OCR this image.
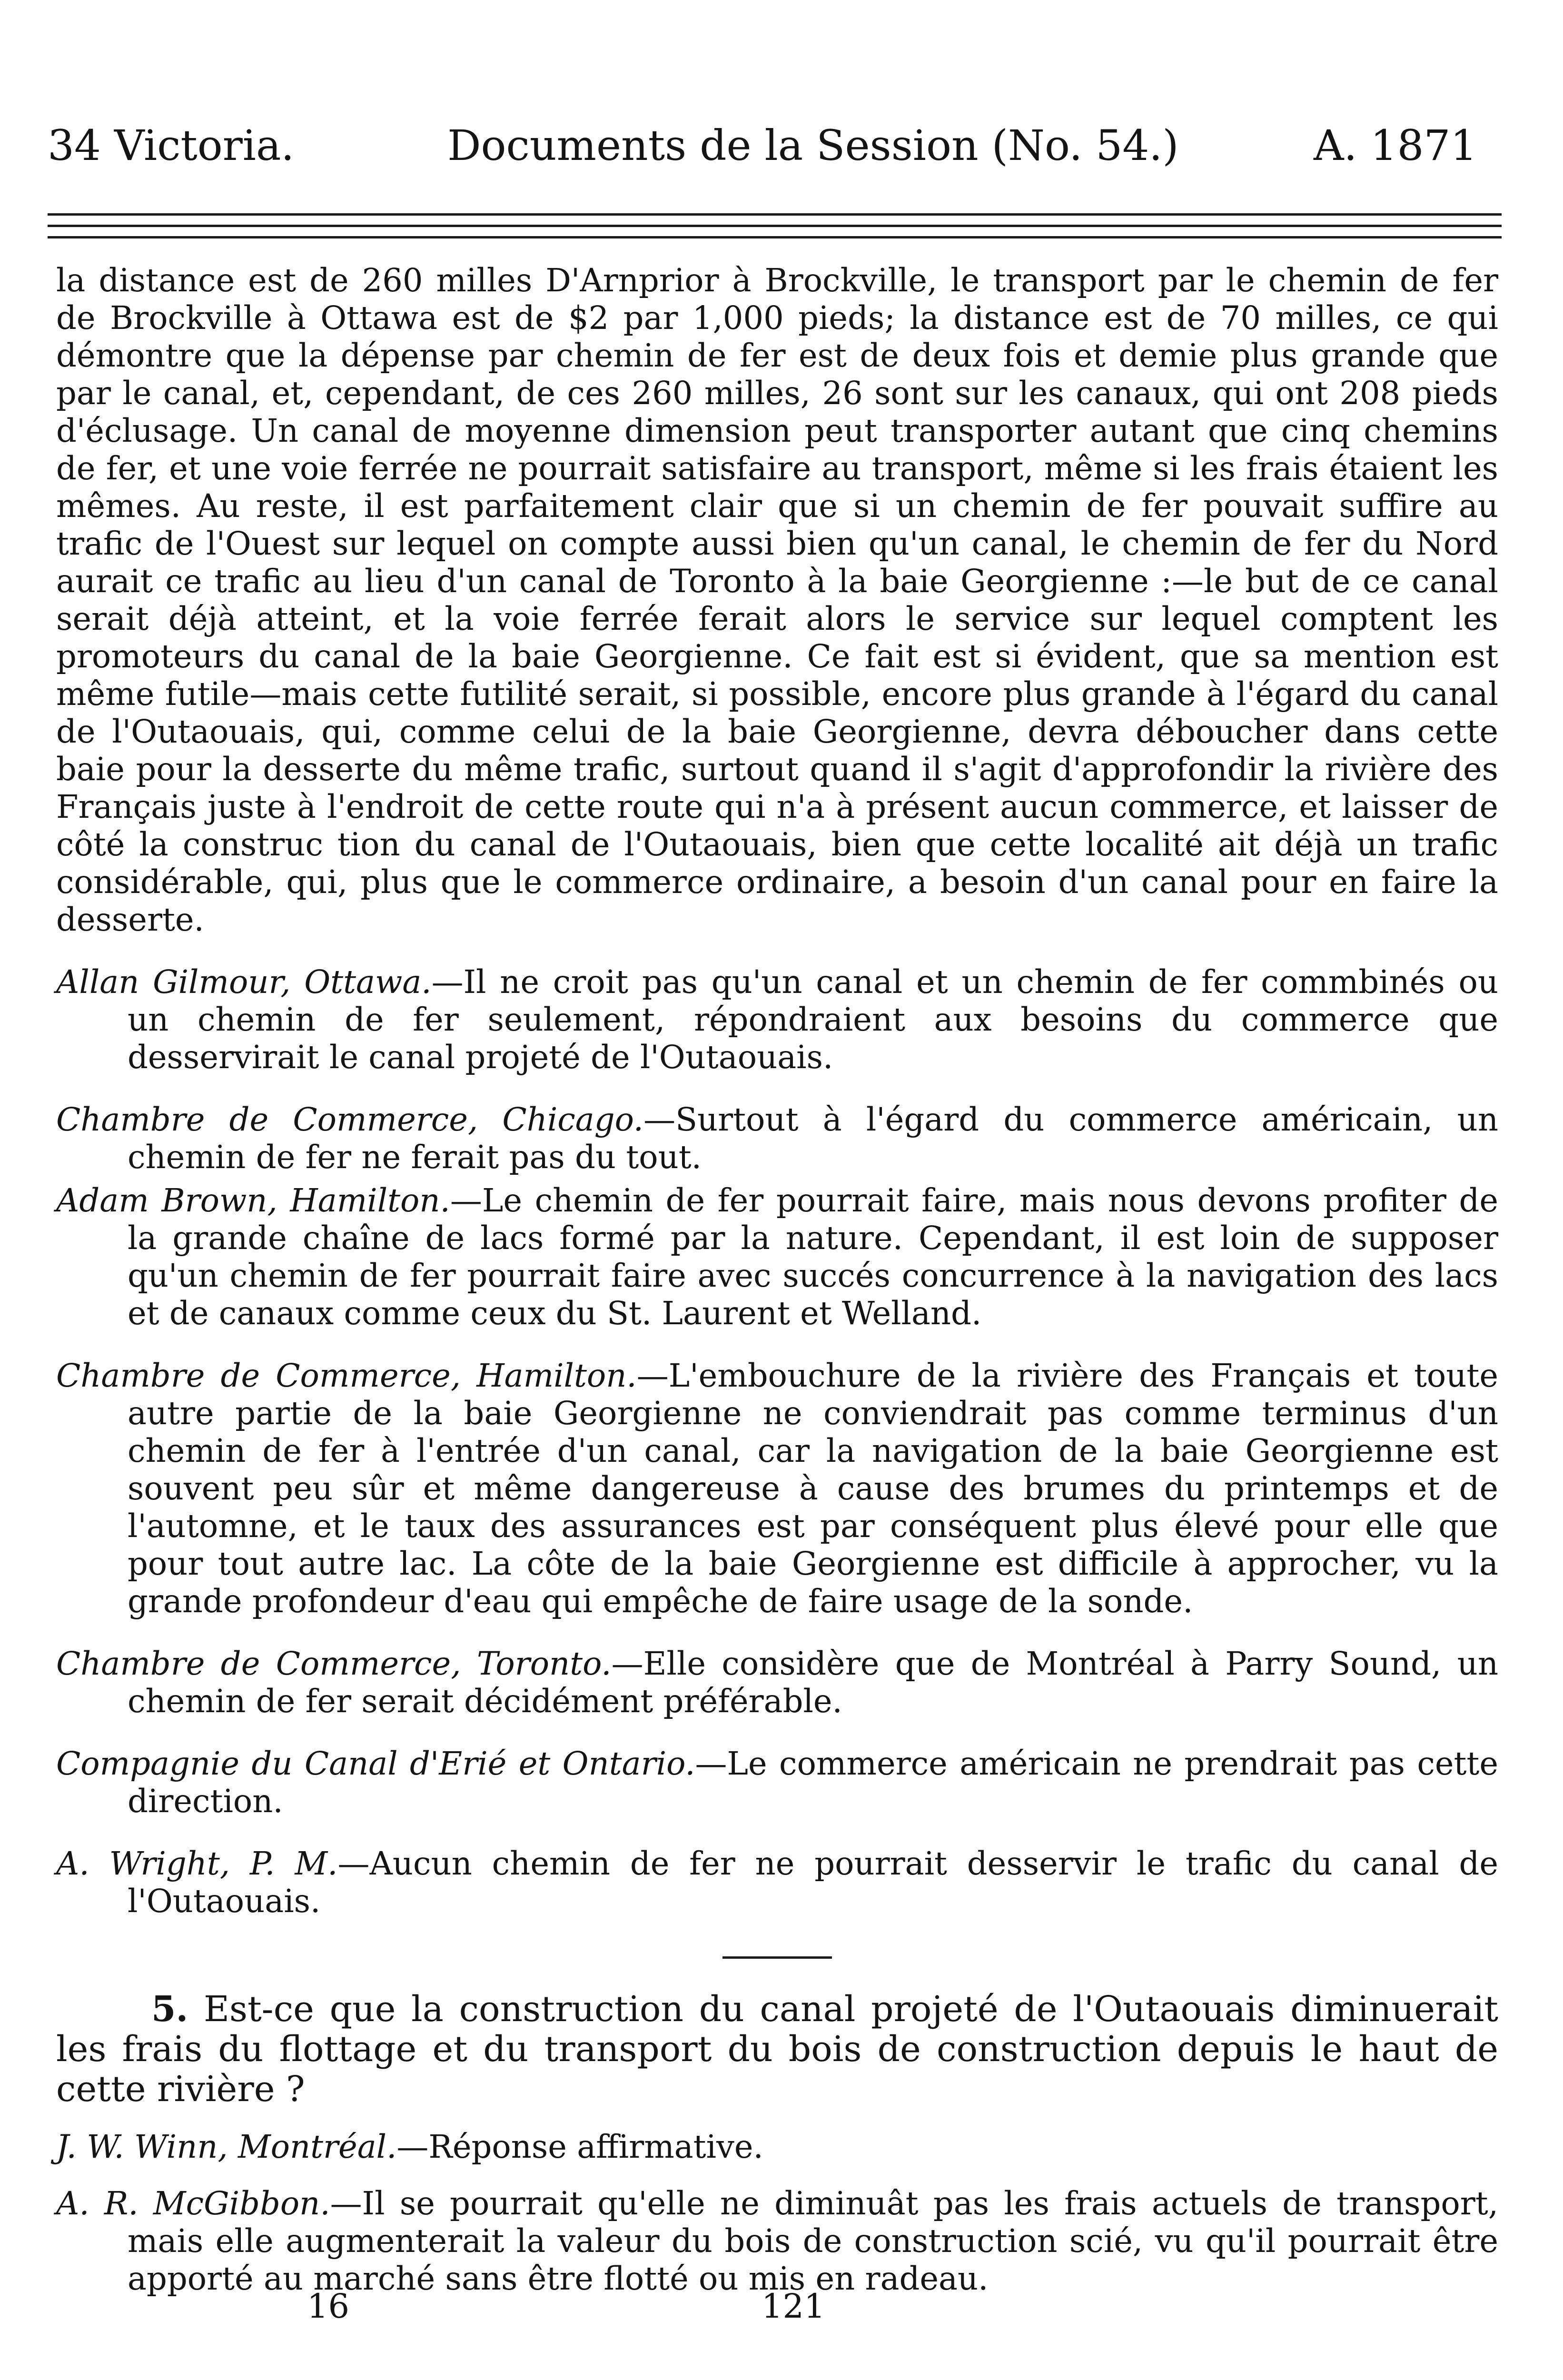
34 Victoria.	Documents de la Session (No. 54.)	A. 1871

la distance est de 260 milles D'Arnprior à Brockville, le transport par le chemin de fer de Brockville à Ottawa est de $2 par 1,000 pieds; la distance est de 70 milles, ce qui démontre que la dépense par chemin de fer est de deux fois et demie plus grande que par le canal, et, cependant, de ces 260 milles, 26 sont sur les canaux, qui ont 208 pieds d'éclusage. Un canal de moyenne dimension peut transporter autant que cinq chemins de fer, et une voie ferrée ne pourrait satisfaire au transport, même si les frais étaient les mêmes. Au reste, il est parfaitement clair que si un chemin de fer pouvait suffire au trafic de l'Ouest sur lequel on compte aussi bien qu'un canal, le chemin de fer du Nord aurait ce trafic au lieu d'un canal de Toronto à la baie Georgienne :—le but de ce canal serait déjà atteint, et la voie ferrée ferait alors le service sur lequel comptent les promoteurs du canal de la baie Georgienne. Ce fait est si évident, que sa mention est même futile—mais cette futilité serait, si possible, encore plus grande à l'égard du canal de l'Outaouais, qui, comme celui de la baie Georgienne, devra déboucher dans cette baie pour la desserte du même trafic, surtout quand il s'agit d'approfondir la rivière des Français juste à l'endroit de cette route qui n'a à présent aucun commerce, et laisser de côté la construc tion du canal de l'Outaouais, bien que cette localité ait déjà un trafic considérable, qui, plus que le commerce ordinaire, a besoin d'un canal pour en faire la desserte.

Allan Gilmour, Ottawa.—Il ne croit pas qu'un canal et un chemin de fer commbinés ou un chemin de fer seulement, répondraient aux besoins du commerce que desservirait le canal projeté de l'Outaouais.

Chambre de Commerce, Chicago.—Surtout à l'égard du commerce américain, un chemin de fer ne ferait pas du tout.

Adam Brown, Hamilton.—Le chemin de fer pourrait faire, mais nous devons profiter de la grande chaîne de lacs formé par la nature. Cependant, il est loin de supposer qu'un chemin de fer pourrait faire avec succés concurrence à la navigation des lacs et de canaux comme ceux du St. Laurent et Welland.

Chambre de Commerce, Hamilton.—L'embouchure de la rivière des Français et toute autre partie de la baie Georgienne ne conviendrait pas comme terminus d'un chemin de fer à l'entrée d'un canal, car la navigation de la baie Georgienne est souvent peu sûr et même dangereuse à cause des brumes du printemps et de l'automne, et le taux des assurances est par conséquent plus élevé pour elle que pour tout autre lac. La côte de la baie Georgienne est difficile à approcher, vu la grande profondeur d'eau qui empêche de faire usage de la sonde.

Chambre de Commerce, Toronto.—Elle considère que de Montréal à Parry Sound, un chemin de fer serait décidément préférable.

Compagnie du Canal d'Erié et Ontario.—Le commerce américain ne prendrait pas cette direction.

A. Wright, P. M.—Aucun chemin de fer ne pourrait desservir le trafic du canal de l'Outaouais.

5. Est-ce que la construction du canal projeté de l'Outaouais diminuerait les frais du flottage et du transport du bois de construction depuis le haut de cette rivière ?

J. W. Winn, Montréal.—Réponse affirmative.

A. R. McGibbon.—Il se pourrait qu'elle ne diminuât pas les frais actuels de transport, mais elle augmenterait la valeur du bois de construction scié, vu qu'il pourrait être apporté au marché sans être flotté ou mis en radeau.

16	121
